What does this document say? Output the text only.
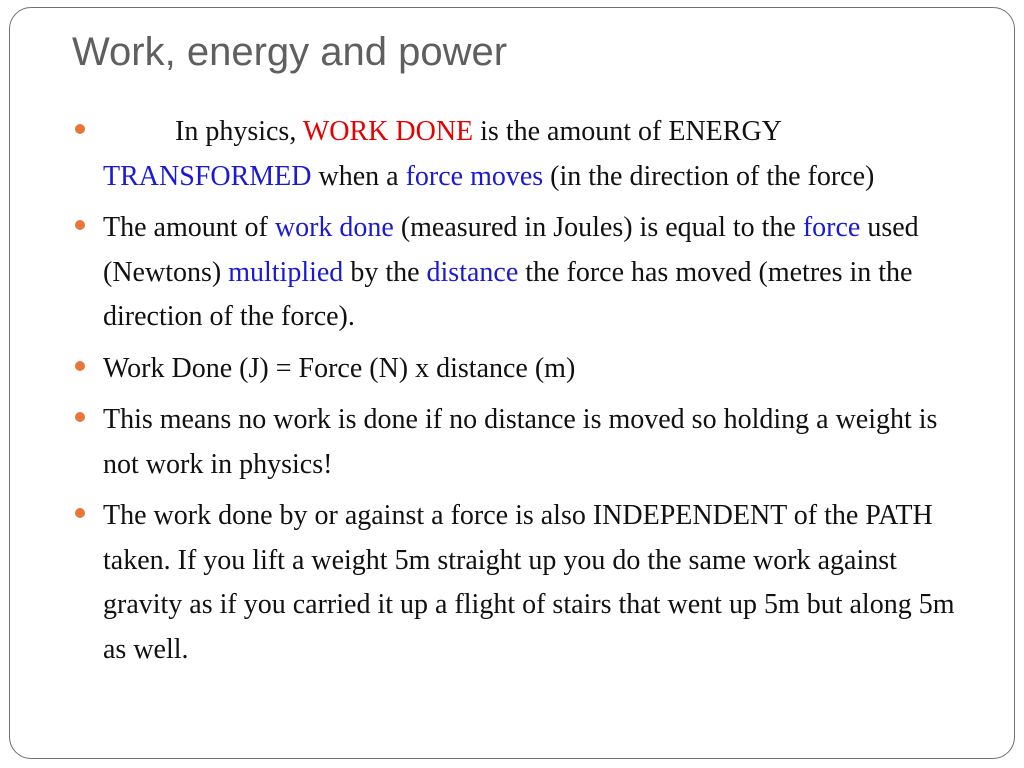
Work, energy and power
In physics, WORK DONE is the amount of ENERGY TRANSFORMED when a force moves (in the direction of the force)
The amount of work done (measured in Joules) is equal to the force used (Newtons) multiplied by the distance the force has moved (metres in the direction of the force).
Work Done (J) = Force (N) x distance (m)
This means no work is done if no distance is moved so holding a weight is not work in physics!
The work done by or against a force is also INDEPENDENT of the PATH taken. If you lift a weight 5m straight up you do the same work against gravity as if you carried it up a flight of stairs that went up 5m but along 5m as well.
